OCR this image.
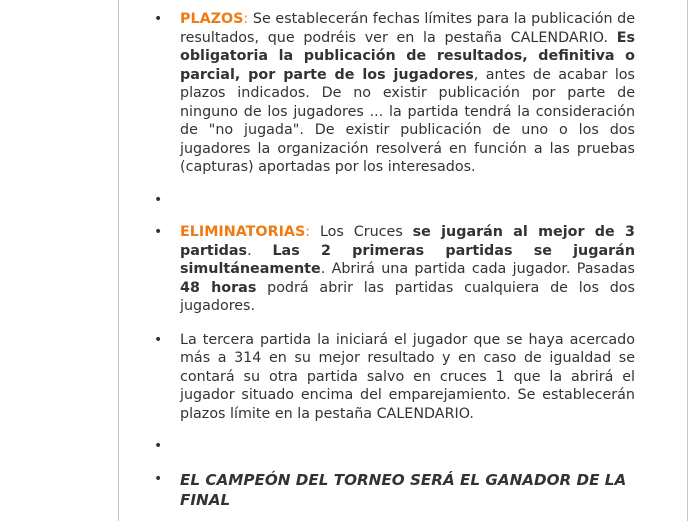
• PLAZOS: Se establecerán fechas límites para la publicación de resultados, que podréis ver en la pestaña CALENDARIO. Es obligatoria la publicación de resultados, definitiva o parcial, por parte de los jugadores, antes de acabar los plazos indicados. De no existir publicación por parte de ninguno de los jugadores ... la partida tendrá la consideración de "no jugada". De existir publicación de uno o los dos jugadores la organización resolverá en función a las pruebas (capturas) aportadas por los interesados.
•
• ELIMINATORIAS: Los Cruces se jugarán al mejor de 3 partidas. Las 2 primeras partidas se jugarán simultáneamente. Abrirá una partida cada jugador. Pasadas 48 horas podrá abrir las partidas cualquiera de los dos jugadores.
• La tercera partida la iniciará el jugador que se haya acercado más a 314 en su mejor resultado y en caso de igualdad se contará su otra partida salvo en cruces 1 que la abrirá el jugador situado encima del emparejamiento. Se establecerán plazos límite en la pestaña CALENDARIO.
•
• EL CAMPEÓN DEL TORNEO SERÁ EL GANADOR DE LA FINAL
